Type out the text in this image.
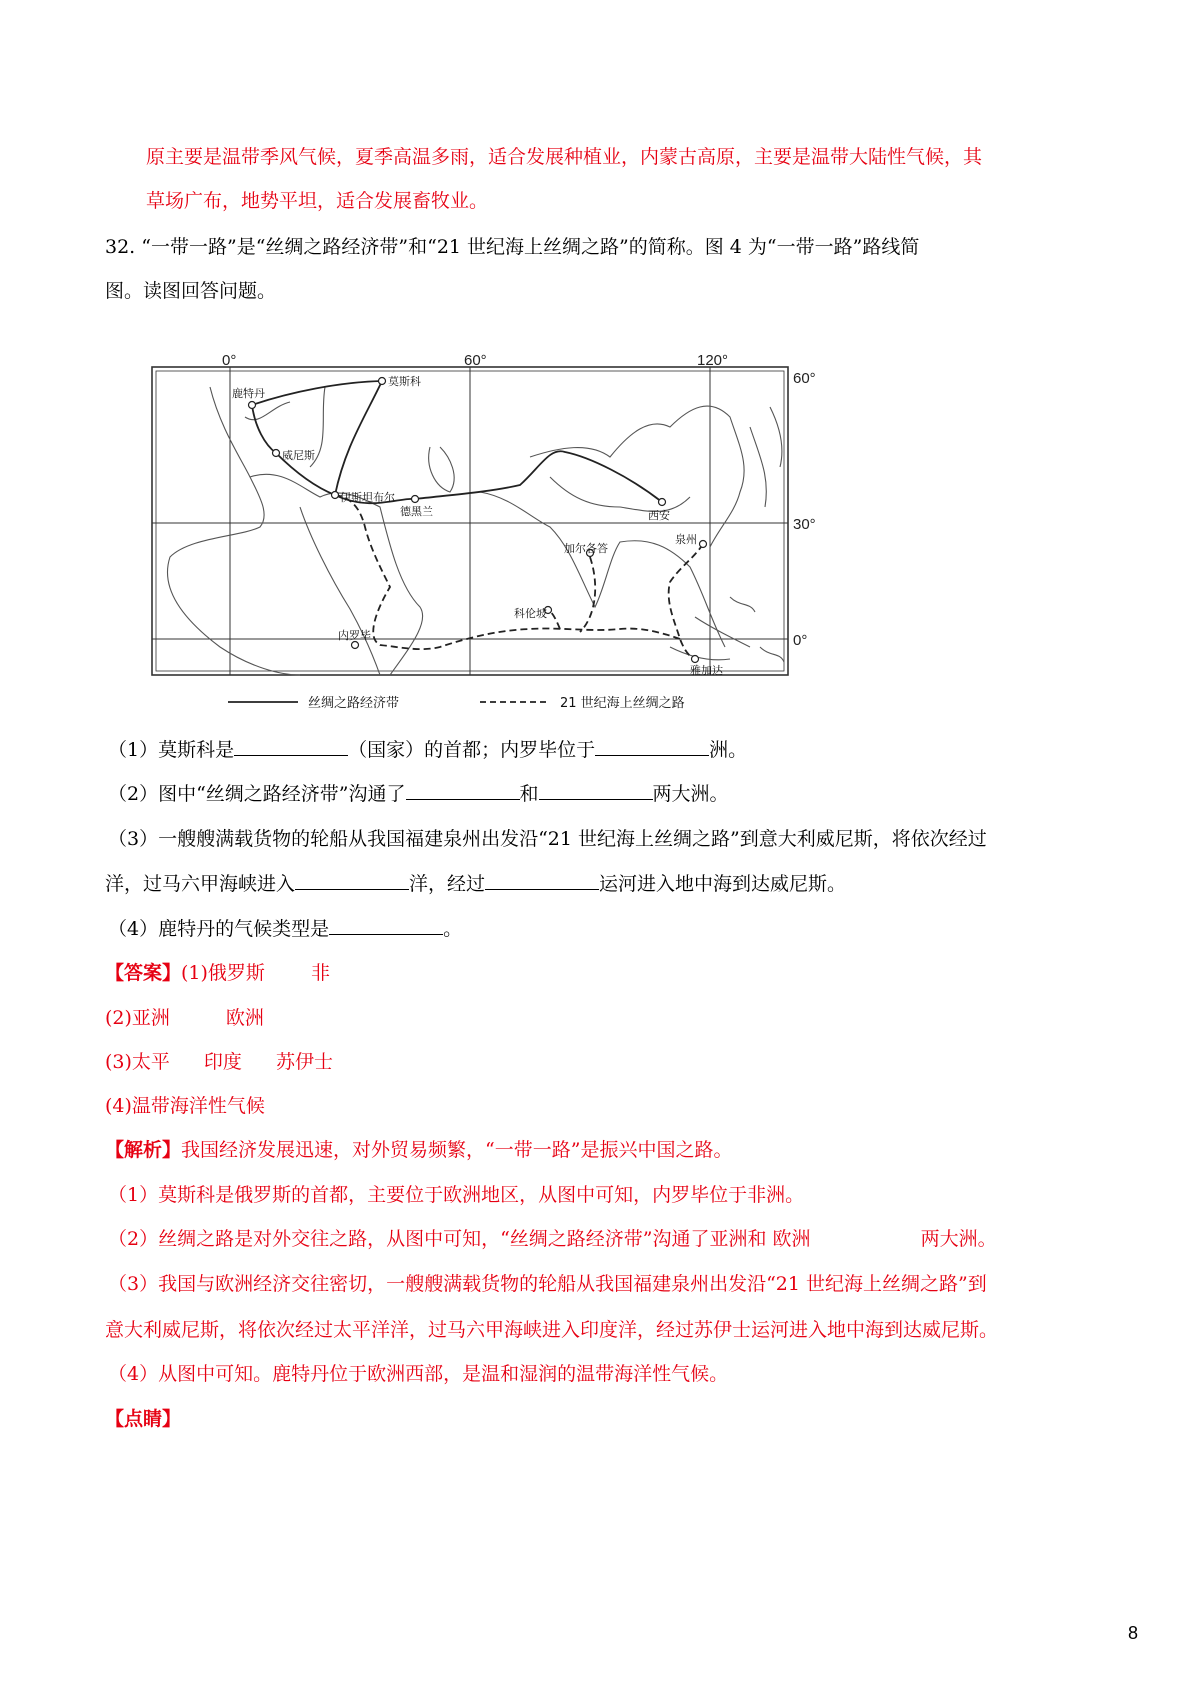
原主要是温带季风气候，夏季高温多雨，适合发展种植业，内蒙古高原，主要是温带大陆性气候，其
草场广布，地势平坦，适合发展畜牧业。
32. “一带一路”是“丝绸之路经济带”和“21 世纪海上丝绸之路”的简称。图 4 为“一带一路”路线简
图。读图回答问题。
0°	60°	120°
60°
30°
0°
鹿特丹
莫斯科
威尼斯
伊斯坦布尔
德黑兰	西安
泉州
加尔各答
科伦坡
内罗毕
雅加达
丝绸之路经济带	21 世纪海上丝绸之路
（1）莫斯科是	（国家）的首都；内罗毕位于	洲。
（2）图中“丝绸之路经济带”沟通了	和	两大洲。
（3）一艘艘满载货物的轮船从我国福建泉州出发沿“21 世纪海上丝绸之路”到意大利威尼斯，将依次经过
洋，过马六甲海峡进入	洋，经过	运河进入地中海到达威尼斯。
（4）鹿特丹的气候类型是	。
【答案】(1)俄罗斯 非
(2)亚洲	欧洲
(3)太平 印度 苏伊士
(4)温带海洋性气候
【解析】我国经济发展迅速，对外贸易频繁，“一带一路”是振兴中国之路。
（1）莫斯科是俄罗斯的首都，主要位于欧洲地区，从图中可知，内罗毕位于非洲。
（2）丝绸之路是对外交往之路，从图中可知，“丝绸之路经济带”沟通了亚洲和 欧洲	两大洲。
（3）我国与欧洲经济交往密切，一艘艘满载货物的轮船从我国福建泉州出发沿“21 世纪海上丝绸之路”到
意大利威尼斯，将依次经过太平洋洋，过马六甲海峡进入印度洋，经过苏伊士运河进入地中海到达威尼斯。
（4）从图中可知。鹿特丹位于欧洲西部，是温和湿润的温带海洋性气候。
【点睛】
8
